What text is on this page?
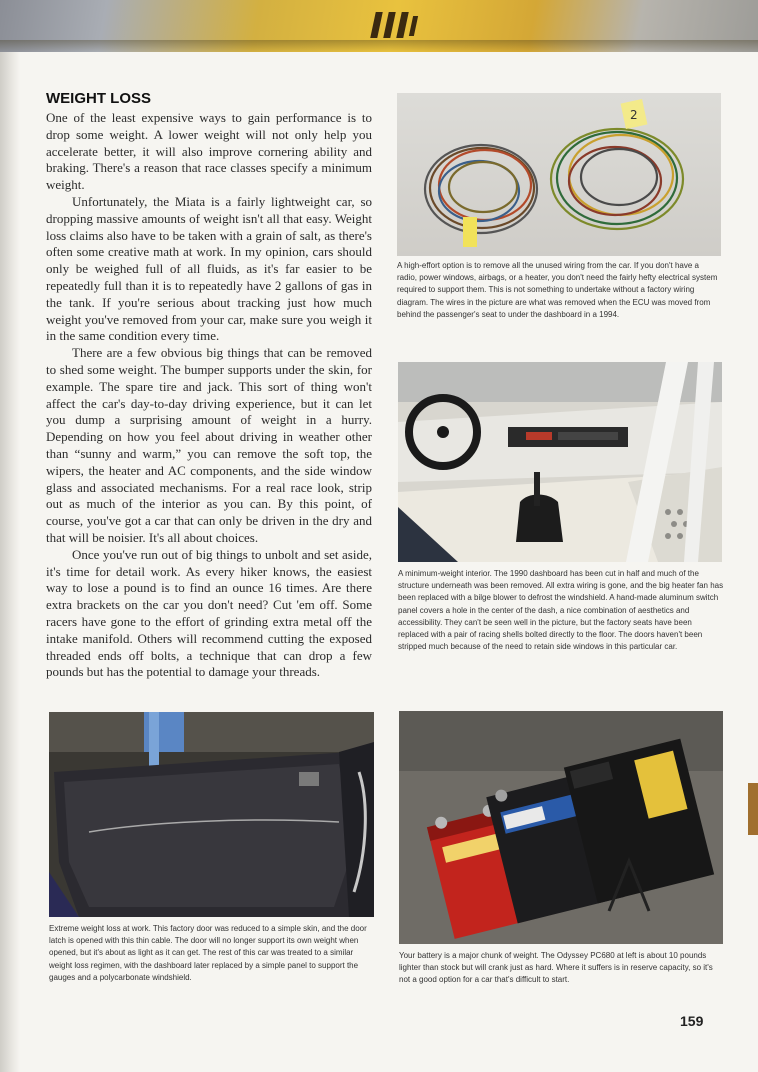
WEIGHT LOSS

One of the least expensive ways to gain performance is to drop some weight. A lower weight will not only help you accelerate better, it will also improve cornering ability and braking. There's a reason that race classes specify a minimum weight.

Unfortunately, the Miata is a fairly lightweight car, so dropping massive amounts of weight isn't all that easy. Weight loss claims also have to be taken with a grain of salt, as there's often some creative math at work. In my opinion, cars should only be weighed full of all fluids, as it's far easier to be repeatedly full than it is to repeatedly have 2 gallons of gas in the tank. If you're serious about tracking just how much weight you've removed from your car, make sure you weigh it in the same condition every time.

There are a few obvious big things that can be removed to shed some weight. The bumper supports under the skin, for example. The spare tire and jack. This sort of thing won't affect the car's day-to-day driving experience, but it can let you dump a surprising amount of weight in a hurry. Depending on how you feel about driving in weather other than “sunny and warm,” you can remove the soft top, the wipers, the heater and AC components, and the side window glass and associated mechanisms. For a real race look, strip out as much of the interior as you can. By this point, of course, you've got a car that can only be driven in the dry and that will be noisier. It's all about choices.

Once you've run out of big things to unbolt and set aside, it's time for detail work. As every hiker knows, the easiest way to lose a pound is to find an ounce 16 times. Are there extra brackets on the car you don't need? Cut 'em off. Some racers have gone to the effort of grinding extra metal off the intake manifold. Others will recommend cutting the exposed threaded ends off bolts, a technique that can drop a few pounds but has the potential to damage your threads.

2

A high-effort option is to remove all the unused wiring from the car. If you don't have a radio, power windows, airbags, or a heater, you don't need the fairly hefty electrical system required to support them. This is not something to undertake without a factory wiring diagram. The wires in the picture are what was removed when the ECU was moved from behind the passenger's seat to under the dashboard in a 1994.

A minimum-weight interior. The 1990 dashboard has been cut in half and much of the structure underneath was been removed. All extra wiring is gone, and the big heater fan has been replaced with a bilge blower to defrost the windshield. A hand-made aluminum switch panel covers a hole in the center of the dash, a nice combination of aesthetics and accessibility. They can't be seen well in the picture, but the factory seats have been replaced with a pair of racing shells bolted directly to the floor. The doors haven't been stripped much because of the need to retain side windows in this particular car.

Extreme weight loss at work. This factory door was reduced to a simple skin, and the door latch is opened with this thin cable. The door will no longer support its own weight when opened, but it's about as light as it can get. The rest of this car was treated to a similar weight loss regimen, with the dashboard later replaced by a simple panel to support the gauges and a polycarbonate windshield.

Your battery is a major chunk of weight. The Odyssey PC680 at left is about 10 pounds lighter than stock but will crank just as hard. Where it suffers is in reserve capacity, so it's not a good option for a car that's difficult to start.

159
